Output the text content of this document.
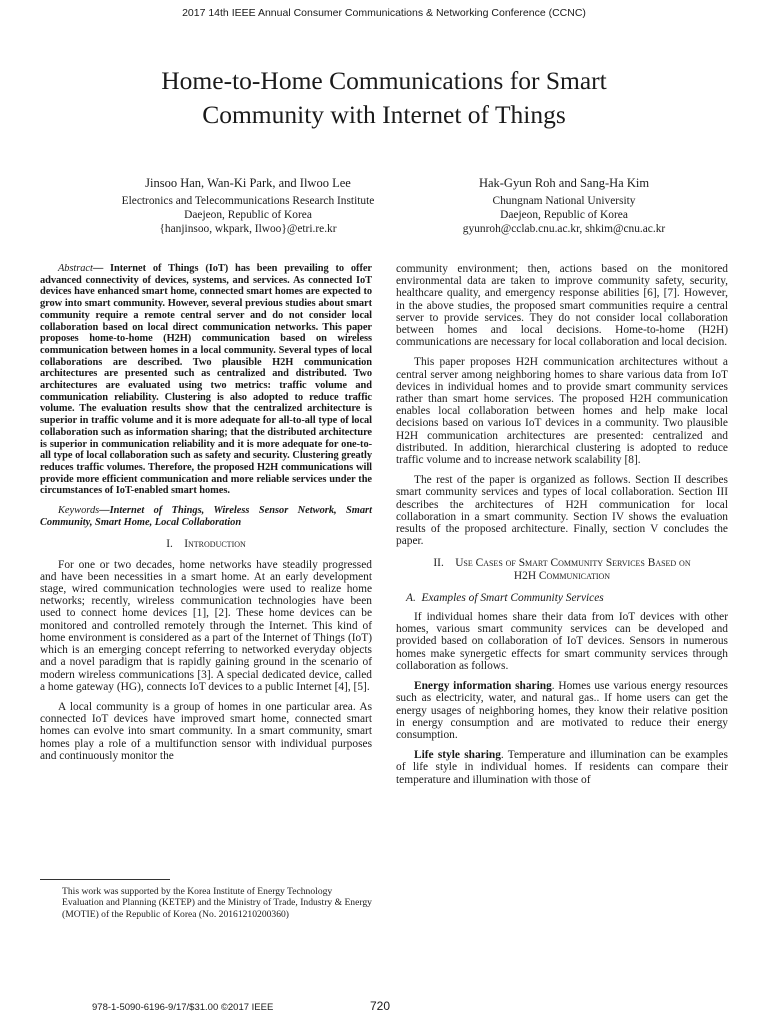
2017 14th IEEE Annual Consumer Communications & Networking Conference (CCNC)
Home-to-Home Communications for Smart
Community with Internet of Things
Jinsoo Han, Wan-Ki Park, and Ilwoo Lee
Electronics and Telecommunications Research Institute
Daejeon, Republic of Korea
{hanjinsoo, wkpark, Ilwoo}@etri.re.kr
Hak-Gyun Roh and Sang-Ha Kim
Chungnam National University
Daejeon, Republic of Korea
gyunroh@cclab.cnu.ac.kr, shkim@cnu.ac.kr

Abstract— Internet of Things (IoT) has been prevailing to offer advanced connectivity of devices, systems, and services. As connected IoT devices have enhanced smart home, connected smart homes are expected to grow into smart community. However, several previous studies about smart community require a remote central server and do not consider local collaboration based on local direct communication networks. This paper proposes home-to-home (H2H) communication based on wireless communication between homes in a local community. Several types of local collaborations are described. Two plausible H2H communication architectures are presented such as centralized and distributed. Two architectures are evaluated using two metrics: traffic volume and communication reliability. Clustering is also adopted to reduce traffic volume. The evaluation results show that the centralized architecture is superior in traffic volume and it is more adequate for all-to-all type of local collaboration such as information sharing; that the distributed architecture is superior in communication reliability and it is more adequate for one-to-all type of local collaboration such as safety and security. Clustering greatly reduces traffic volumes. Therefore, the proposed H2H communications will provide more efficient communication and more reliable services under the circumstances of IoT-enabled smart homes.

Keywords—Internet of Things, Wireless Sensor Network, Smart Community, Smart Home, Local Collaboration

I. Introduction

For one or two decades, home networks have steadily progressed and have been necessities in a smart home. At an early development stage, wired communication technologies were used to realize home networks; recently, wireless communication technologies have been used to connect home devices [1], [2]. These home devices can be monitored and controlled remotely through the Internet. This kind of home environment is considered as a part of the Internet of Things (IoT) which is an emerging concept referring to networked everyday objects and a novel paradigm that is rapidly gaining ground in the scenario of modern wireless communications [3]. A special dedicated device, called a home gateway (HG), connects IoT devices to a public Internet [4], [5].

A local community is a group of homes in one particular area. As connected IoT devices have improved smart home, connected smart homes can evolve into smart community. In a smart community, smart homes play a role of a multifunction sensor with individual purposes and continuously monitor the

community environment; then, actions based on the monitored environmental data are taken to improve community safety, security, healthcare quality, and emergency response abilities [6], [7]. However, in the above studies, the proposed smart communities require a central server to provide services. They do not consider local collaboration between homes and local decisions. Home-to-home (H2H) communications are necessary for local collaboration and local decision.

This paper proposes H2H communication architectures without a central server among neighboring homes to share various data from IoT devices in individual homes and to provide smart community services rather than smart home services. The proposed H2H communication enables local collaboration between homes and help make local decisions based on various IoT devices in a community. Two plausible H2H communication architectures are presented: centralized and distributed. In addition, hierarchical clustering is adopted to reduce traffic volume and to increase network scalability [8].

The rest of the paper is organized as follows. Section II describes smart community services and types of local collaboration. Section III describes the architectures of H2H communication for local collaboration in a smart community. Section IV shows the evaluation results of the proposed architecture. Finally, section V concludes the paper.

II. Use Cases of Smart Community Services Based on
H2H Communication
A. Examples of Smart Community Services

If individual homes share their data from IoT devices with other homes, various smart community services can be developed and provided based on collaboration of IoT devices. Sensors in numerous homes make synergetic effects for smart community services through collaboration as follows.

Energy information sharing. Homes use various energy resources such as electricity, water, and natural gas.. If home users can get the energy usages of neighboring homes, they know their relative position in energy consumption and are motivated to reduce their energy consumption.

Life style sharing. Temperature and illumination can be examples of life style in individual homes. If residents can compare their temperature and illumination with those of

This work was supported by the Korea Institute of Energy Technology Evaluation and Planning (KETEP) and the Ministry of Trade, Industry & Energy (MOTIE) of the Republic of Korea (No. 20161210200360)
978-1-5090-6196-9/17/$31.00 ©2017 IEEE	720
